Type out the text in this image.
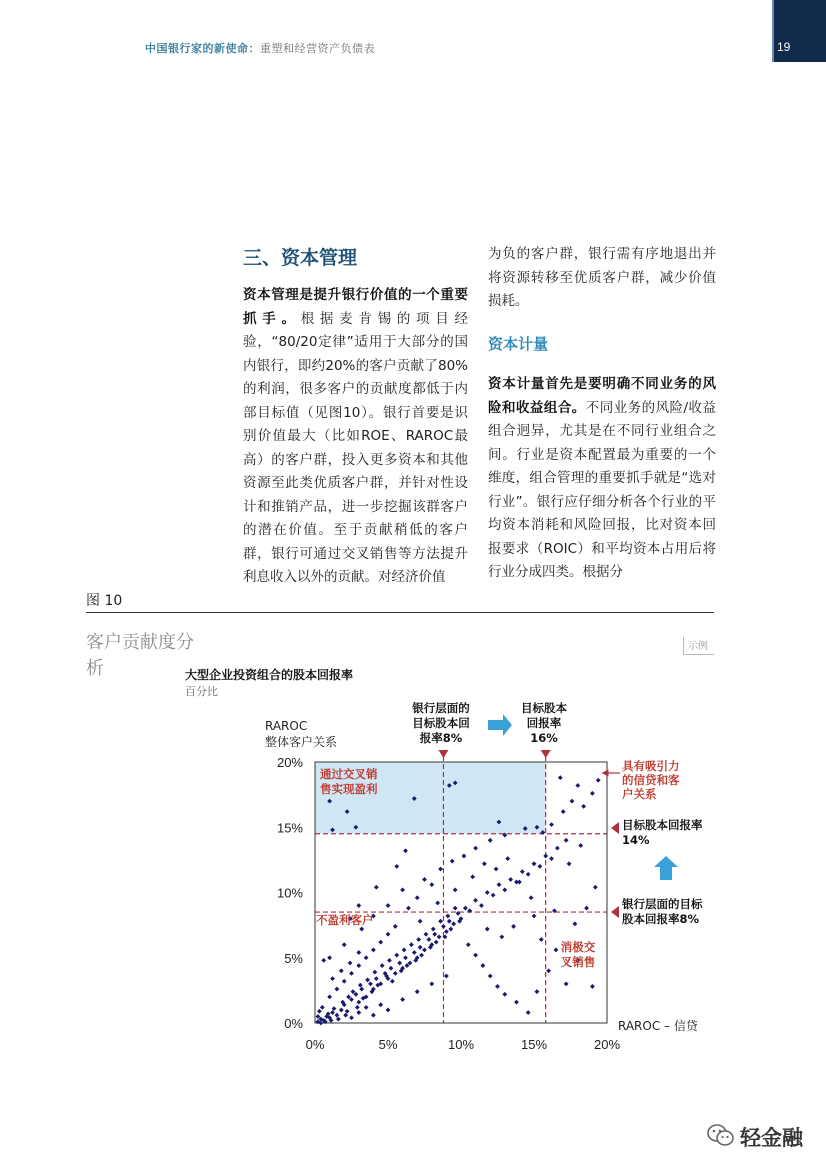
中国银行家的新使命：重塑和经营资产负债表	19
三、资本管理

资本管理是提升银行价值的一个重要抓手。根据麦肯锡的项目经验，“80/20定律”适用于大部分的国内银行，即约20%的客户贡献了80%的利润，很多客户的贡献度都低于内部目标值（见图10）。银行首要是识别价值最大（比如ROE、RAROC最高）的客户群，投入更多资本和其他资源至此类优质客户群，并针对性设计和推销产品，进一步挖掘该群客户的潜在价值。至于贡献稍低的客户群，银行可通过交叉销售等方法提升利息收入以外的贡献。对经济价值

为负的客户群，银行需有序地退出并将资源转移至优质客户群，减少价值损耗。

资本计量

资本计量首先是要明确不同业务的风险和收益组合。不同业务的风险/收益组合迥异，尤其是在不同行业组合之间。行业是资本配置最为重要的一个维度，组合管理的重要抓手就是“选对行业”。银行应仔细分析各个行业的平均资本消耗和风险回报，比对资本回报要求（ROIC）和平均资本占用后将行业分成四类。根据分

图 10
客户贡献度分析
示例
大型企业投资组合的股本回报率
百分比
0%	5%	10%	15%	20%
0%
5%
10%
15%
20%
RAROC
整体客户关系
RAROC – 信贷
银行层面的
目标股本回
报率8%
目标股本
回报率
16%
通过交叉销
售实现盈利
不盈利客户
消极交
叉销售
具有吸引力
的信贷和客
户关系
目标股本回报率
14%
银行层面的目标
股本回报率8%
轻金融
